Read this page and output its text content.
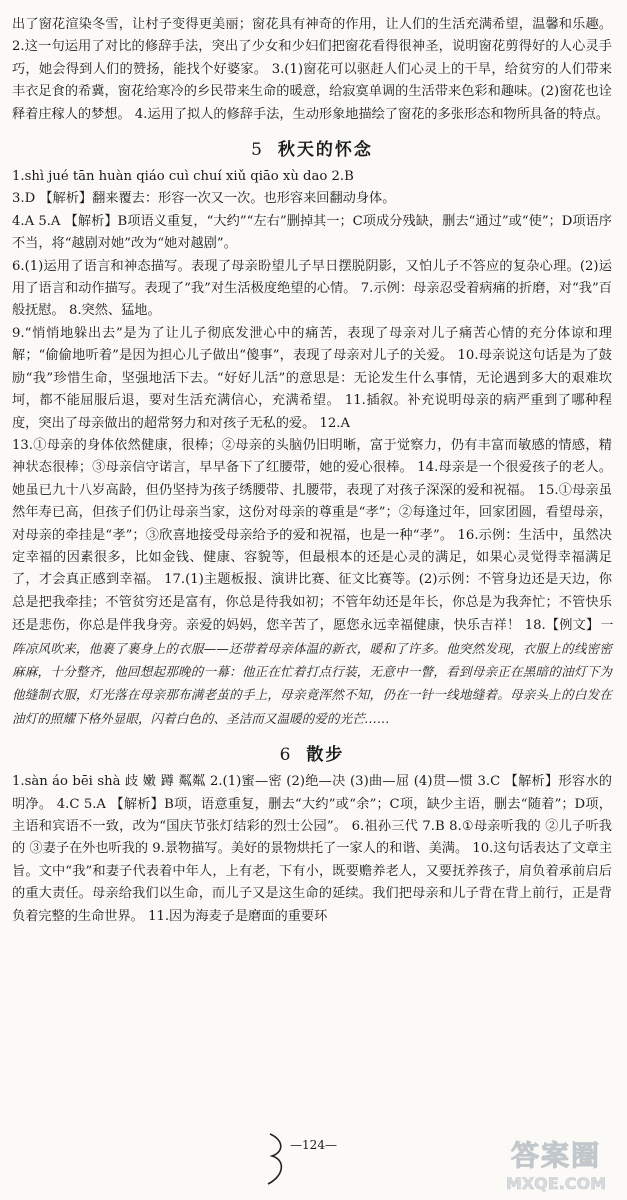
出了窗花渲染冬雪，让村子变得更美丽；窗花具有神奇的作用，让人们的生活充满希望，温馨和乐趣。 2.这一句运用了对比的修辞手法，突出了少女和少妇们把窗花看得很神圣，说明窗花剪得好的人心灵手巧，她会得到人们的赞扬，能找个好婆家。 3.(1)窗花可以驱赶人们心灵上的干旱，给贫穷的人们带来丰衣足食的希冀，窗花给寒冷的乡民带来生命的暖意，给寂寞单调的生活带来色彩和趣味。(2)窗花也诠释着庄稼人的梦想。 4.运用了拟人的修辞手法，生动形象地描绘了窗花的多张形态和物所具备的特点。

5 秋天的怀念

1.shì jué tān huàn qiáo cuì chuí xiǔ qiāo xù dao 2.B

3.D 【解析】翻来覆去：形容一次又一次。也形容来回翻动身体。

4.A 5.A 【解析】B项语义重复，“大约”“左右”删掉其一；C项成分残缺，删去“通过”或“使”；D项语序不当，将“越剧对她”改为“她对越剧”。

6.(1)运用了语言和神态描写。表现了母亲盼望儿子早日摆脱阴影，又怕儿子不答应的复杂心理。(2)运用了语言和动作描写。表现了“我”对生活极度绝望的心情。 7.示例：母亲忍受着病痛的折磨，对“我”百般抚慰。 8.突然、猛地。

9.“悄悄地躲出去”是为了让儿子彻底发泄心中的痛苦，表现了母亲对儿子痛苦心情的充分体谅和理解；“偷偷地听着”是因为担心儿子做出“傻事”，表现了母亲对儿子的关爱。 10.母亲说这句话是为了鼓励“我”珍惜生命，坚强地活下去。“好好儿活”的意思是：无论发生什么事情，无论遇到多大的艰难坎坷，都不能屈服后退，要对生活充满信心，充满希望。 11.插叙。补充说明母亲的病严重到了哪种程度，突出了母亲做出的超常努力和对孩子无私的爱。 12.A

13.①母亲的身体依然健康，很棒；②母亲的头脑仍旧明晰，富于觉察力，仍有丰富而敏感的情感，精神状态很棒；③母亲信守诺言，早早备下了红腰带，她的爱心很棒。 14.母亲是一个很爱孩子的老人。她虽已九十八岁高龄，但仍坚持为孩子绣腰带、扎腰带，表现了对孩子深深的爱和祝福。 15.①母亲虽然年寿已高，但孩子们仍让母亲当家，这份对母亲的尊重是“孝”；②每逢过年，回家团圆，看望母亲，对母亲的牵挂是“孝”；③欣喜地接受母亲给予的爱和祝福，也是一种“孝”。 16.示例：生活中，虽然决定幸福的因素很多，比如金钱、健康、容貌等，但最根本的还是心灵的满足，如果心灵觉得幸福满足了，才会真正感到幸福。 17.(1)主题板报、演讲比赛、征文比赛等。(2)示例：不管身边还是天边，你总是把我牵挂；不管贫穷还是富有，你总是待我如初；不管年幼还是年长，你总是为我奔忙；不管快乐还是悲伤，你总是伴我身旁。亲爱的妈妈，您辛苦了，愿您永远幸福健康，快乐吉祥！ 18.【例文】一阵凉风吹来，他裹了裹身上的衣服——还带着母亲体温的新衣，暖和了许多。他突然发现，衣服上的线密密麻麻，十分整齐，他回想起那晚的一幕：他正在忙着打点行装，无意中一瞥，看到母亲正在黑暗的油灯下为他缝制衣服，灯光落在母亲那布满老茧的手上，母亲竟浑然不知，仍在一针一线地缝着。母亲头上的白发在油灯的照耀下格外显眼，闪着白色的、圣洁而又温暖的爱的光芒……

6 散步

1.sàn áo bēi shà 歧 嫩 蹲 粼粼 2.(1)蜜—密 (2)绝—决 (3)曲—屈 (4)贯—惯 3.C 【解析】形容水的明净。 4.C 5.A 【解析】B项，语意重复，删去“大约”或“余”；C项，缺少主语，删去“随着”；D项，主语和宾语不一致，改为“国庆节张灯结彩的烈士公园”。 6.祖孙三代 7.B 8.①母亲听我的 ②儿子听我的 ③妻子在外也听我的 9.景物描写。美好的景物烘托了一家人的和谐、美满。 10.这句话表达了文章主旨。文中“我”和妻子代表着中年人，上有老，下有小，既要赡养老人，又要抚养孩子，肩负着承前启后的重大责任。母亲给我们以生命，而儿子又是这生命的延续。我们把母亲和儿子背在背上前行，正是背负着完整的生命世界。 11.因为海麦子是磨面的重要环

—124—	答案圈
MXQE.COM
